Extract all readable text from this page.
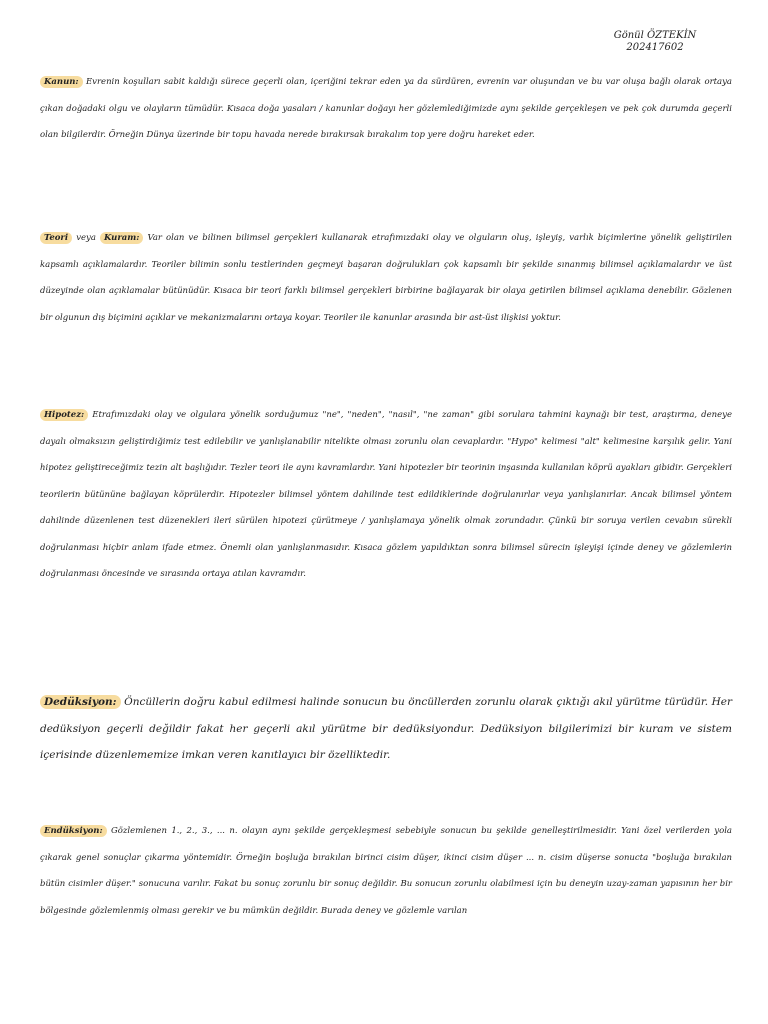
Gönül ÖZTEKİN
202417602
Kanun: Evrenin koşulları sabit kaldığı sürece geçerli olan, içeriğini tekrar eden ya da sürdüren, evrenin var oluşundan ve bu var oluşa bağlı olarak ortaya çıkan doğadaki olgu ve olayların tümüdür. Kısaca doğa yasaları / kanunlar doğayı her gözlemlediğimizde aynı şekilde gerçekleşen ve pek çok durumda geçerli olan bilgilerdir. Örneğin Dünya üzerinde bir topu havada nerede bırakırsak bırakalım top yere doğru hareket eder.
Teori veya Kuram: Var olan ve bilinen bilimsel gerçekleri kullanarak etrafımızdaki olay ve olguların oluş, işleyiş, varlık biçimlerine yönelik geliştirilen kapsamlı açıklamalardır. Teoriler bilimin sonlu testlerinden geçmeyi başaran doğrulukları çok kapsamlı bir şekilde sınanmış bilimsel açıklamalardır ve üst düzeyinde olan açıklamalar bütünüdür. Kısaca bir teori farklı bilimsel gerçekleri birbirine bağlayarak bir olaya getirilen bilimsel açıklama denebilir. Gözlenen bir olgunun dış biçimini açıklar ve mekanizmalarını ortaya koyar. Teoriler ile kanunlar arasında bir ast-üst ilişkisi yoktur.
Hipotez: Etrafımızdaki olay ve olgulara yönelik sorduğumuz "ne", "neden", "nasıl", "ne zaman" gibi sorulara tahmini kaynağı bir test, araştırma, deneye dayalı olmaksızın geliştirdiğimiz test edilebilir ve yanlışlanabilir nitelikte olması zorunlu olan cevaplardır. "Hypo" kelimesi "alt" kelimesine karşılık gelir. Yani hipotez geliştireceğimiz tezin alt başlığıdır. Tezler teori ile aynı kavramlardır. Yani hipotezler bir teorinin inşasında kullanılan köprü ayakları gibidir. Gerçekleri teorilerin bütününe bağlayan köprülerdir. Hipotezler bilimsel yöntem dahilinde test edildiklerinde doğrulanırlar veya yanlışlanırlar. Ancak bilimsel yöntem dahilinde düzenlenen test düzenekleri ileri sürülen hipotezi çürütmeye / yanlışlamaya yönelik olmak zorundadır. Çünkü bir soruya verilen cevabın sürekli doğrulanması hiçbir anlam ifade etmez. Önemli olan yanlışlanmasıdır. Kısaca gözlem yapıldıktan sonra bilimsel sürecin işleyişi içinde deney ve gözlemlerin doğrulanması öncesinde ve sırasında ortaya atılan kavramdır.
Dedüksiyon: Öncüllerin doğru kabul edilmesi halinde sonucun bu öncüllerden zorunlu olarak çıktığı akıl yürütme türüdür. Her dedüksiyon geçerli değildir fakat her geçerli akıl yürütme bir dedüksiyondur. Dedüksiyon bilgilerimizi bir kuram ve sistem içerisinde düzenlememize imkan veren kanıtlayıcı bir özelliktedir.
Endüksiyon: Gözlemlenen 1., 2., 3., ... n. olayın aynı şekilde gerçekleşmesi sebebiyle sonucun bu şekilde genelleştirilmesidir. Yani özel verilerden yola çıkarak genel sonuçlar çıkarma yöntemidir. Örneğin boşluğa bırakılan birinci cisim düşer, ikinci cisim düşer ... n. cisim düşerse sonucta "boşluğa bırakılan bütün cisimler düşer." sonucuna varılır. Fakat bu sonuç zorunlu bir sonuç değildir. Bu sonucun zorunlu olabilmesi için bu deneyin uzay-zaman yapısının her bir bölgesinde gözlemlenmiş olması gerekir ve bu mümkün değildir. Burada deney ve gözlemle varılan
